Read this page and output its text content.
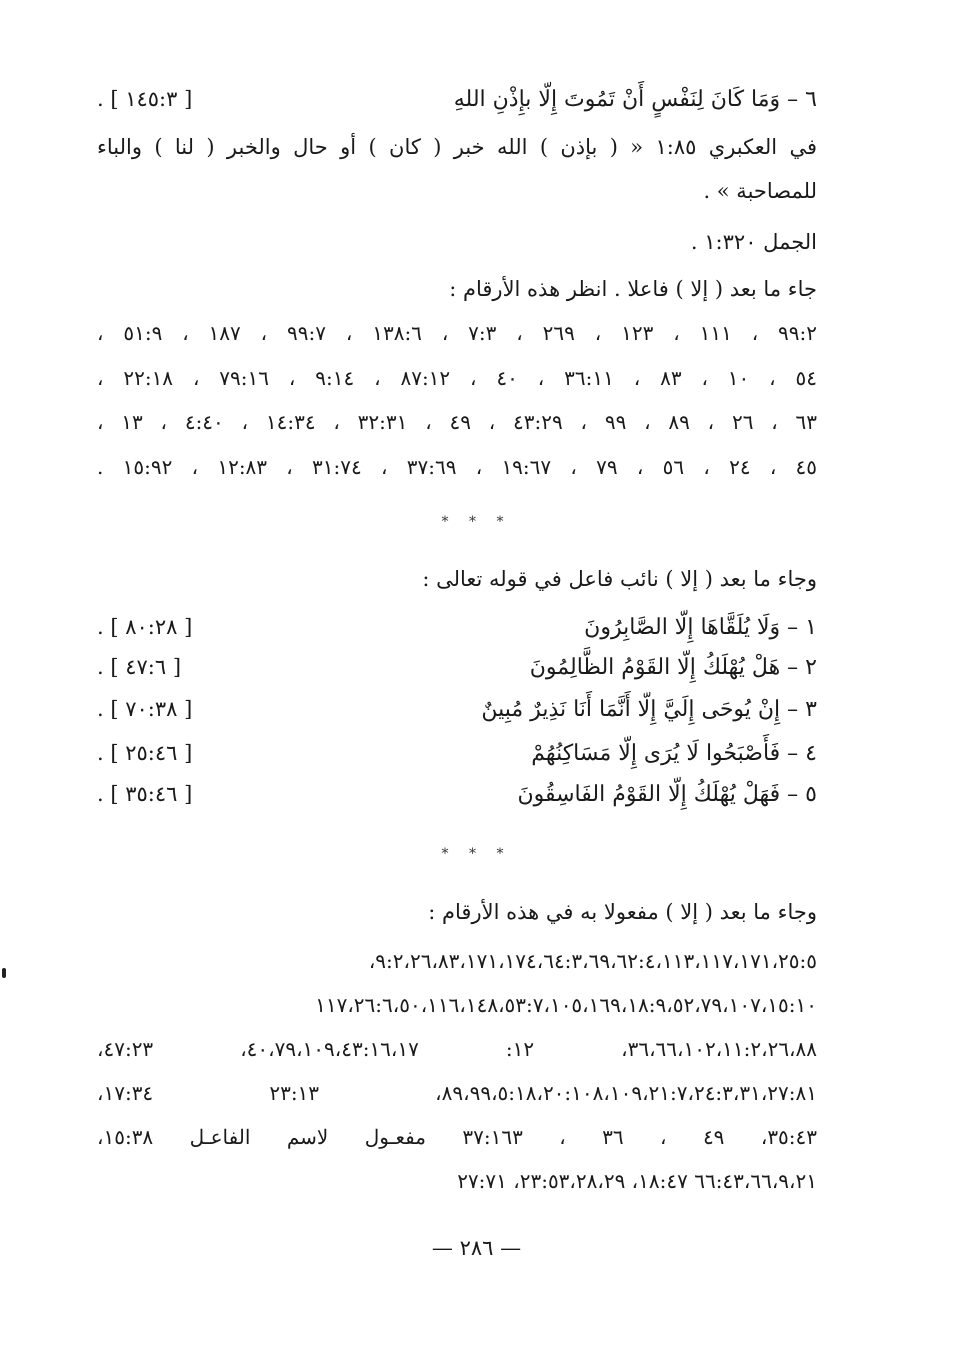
٦ – وَمَا كَانَ لِنَفْسٍ أَنْ تَمُوتَ إِلّا بإِذْنِ اللهِ
[ ١٤٥:٣ ] .
في العكبري ١:٨٥ « ( بإذن ) الله خبر ( كان ) أو حال والخبر ( لنا ) والباء
للمصاحبة » .
الجمل ١:٣٢٠ .
جاء ما بعد ( إلا ) فاعلا . انظر هذه الأرقام :
٩٩:٢ ، ١١١ ، ١٢٣ ، ٢٦٩ ، ٧:٣ ، ١٣٨:٦ ، ٩٩:٧ ، ١٨٧ ، ٥١:٩ ،
٥٤ ، ١٠ ، ٨٣ ، ٣٦:١١ ، ٤٠ ، ٨٧:١٢ ، ٩:١٤ ، ٧٩:١٦ ، ٢٢:١٨ ،
٦٣ ، ٢٦ ، ٨٩ ، ٩٩ ، ٤٣:٢٩ ، ٤٩ ، ٣٢:٣١ ، ١٤:٣٤ ، ٤:٤٠ ، ١٣ ،
٤٥ ، ٢٤ ، ٥٦ ، ٧٩ ، ١٩:٦٧ ، ٣٧:٦٩ ، ٣١:٧٤ ، ١٢:٨٣ ، ١٥:٩٢ .
* * *
وجاء ما بعد ( إلا ) نائب فاعل في قوله تعالى :
١ – وَلَا يُلَقَّاهَا إِلّا الصَّابِرُونَ
[ ٨٠:٢٨ ] .
٢ – هَلْ يُهْلَكُ إِلّا القَوْمُ الظَّالِمُونَ
[ ٤٧:٦ ] .
٣ – إِنْ يُوحَى إِلَيَّ إِلّا أَنَّمَا أَنَا نَذِيرٌ مُبِينٌ
[ ٧٠:٣٨ ] .
٤ – فَأَصْبَحُوا لَا يُرَى إِلّا مَسَاكِنُهُمْ
[ ٢٥:٤٦ ] .
٥ – فَهَلْ يُهْلَكُ إِلّا القَوْمُ الفَاسِقُونَ
[ ٣٥:٤٦ ] .
* * *
وجاء ما بعد ( إلا ) مفعولا به في هذه الأرقام :
٩:٢،٢٦،٨٣،١٧١،١٧٤،٦٤:٣،٦٩،٦٢:٤،١١٣،١١٧،١٧١،٢٥:٥،
١١٧،٢٦:٦،٥٠،١١٦،١٤٨،٥٣:٧،١٠٥،١٦٩،١٨:٩،٥٢،٧٩،١٠٧،١٥:١٠
٣٦،٦٦،١٠٢،١١:٢،٢٦،٨٨، ١٢: ٤٠،٧٩،١٠٩،٤٣:١٦،١٧، ٤٧:٢٣،
٨٩،٩٩،٥:١٨،٢٠:١٠٨،١٠٩،٢١:٧،٢٤:٣،٣١،٢٧:٨١، ٢٣:١٣ ١٧:٣٤،
٣٥:٤٣، ٤٩ ، ٣٦ ، ٣٧:١٦٣ مفعـول لاسم الفاعـل ١٥:٣٨،
٦٦:٤٣،٦٦،٩،٢١ ١٨:٤٧، ٢٣:٥٣،٢٨،٢٩، ٢٧:٧١
— ٢٨٦ —
